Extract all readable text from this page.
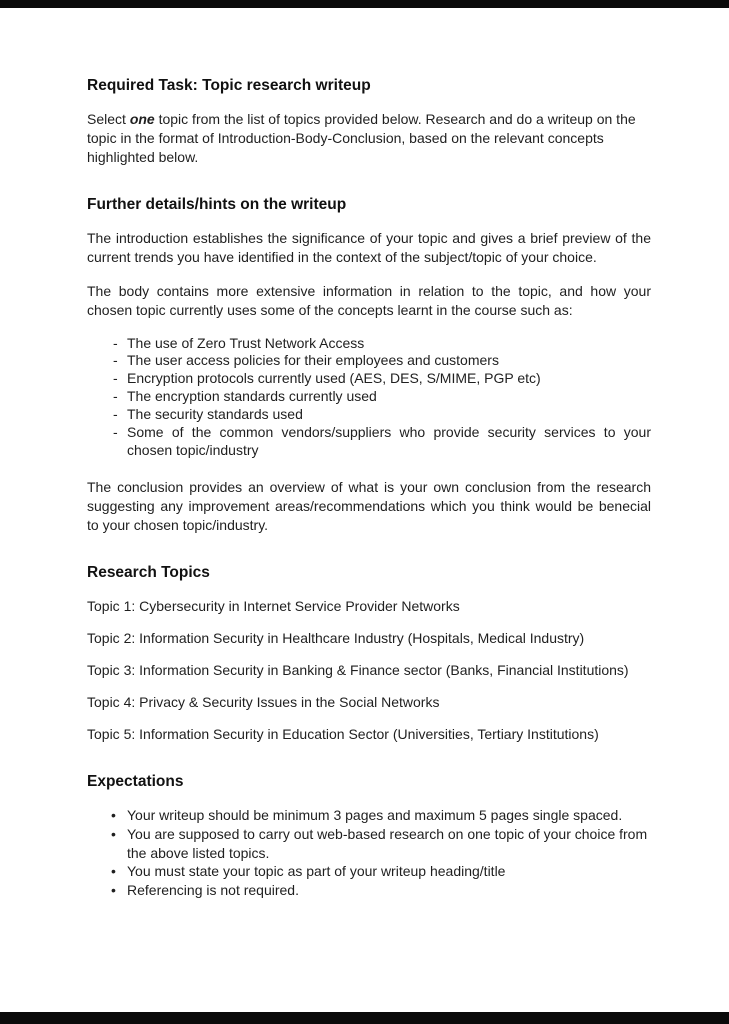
Required Task: Topic research writeup

Select one topic from the list of topics provided below. Research and do a writeup on the topic in the format of Introduction-Body-Conclusion, based on the relevant concepts highlighted below.

Further details/hints on the writeup

The introduction establishes the significance of your topic and gives a brief preview of the current trends you have identified in the context of the subject/topic of your choice.

The body contains more extensive information in relation to the topic, and how your chosen topic currently uses some of the concepts learnt in the course such as:

- The use of Zero Trust Network Access
- The user access policies for their employees and customers
- Encryption protocols currently used (AES, DES, S/MIME, PGP etc)
- The encryption standards currently used
- The security standards used
- Some of the common vendors/suppliers who provide security services to your chosen topic/industry

The conclusion provides an overview of what is your own conclusion from the research suggesting any improvement areas/recommendations which you think would be benecial to your chosen topic/industry.

Research Topics

Topic 1: Cybersecurity in Internet Service Provider Networks

Topic 2: Information Security in Healthcare Industry (Hospitals, Medical Industry)

Topic 3: Information Security in Banking & Finance sector (Banks, Financial Institutions)

Topic 4: Privacy & Security Issues in the Social Networks

Topic 5: Information Security in Education Sector (Universities, Tertiary Institutions)

Expectations
• Your writeup should be minimum 3 pages and maximum 5 pages single spaced.
• You are supposed to carry out web-based research on one topic of your choice from the above listed topics.
• You must state your topic as part of your writeup heading/title
• Referencing is not required.
